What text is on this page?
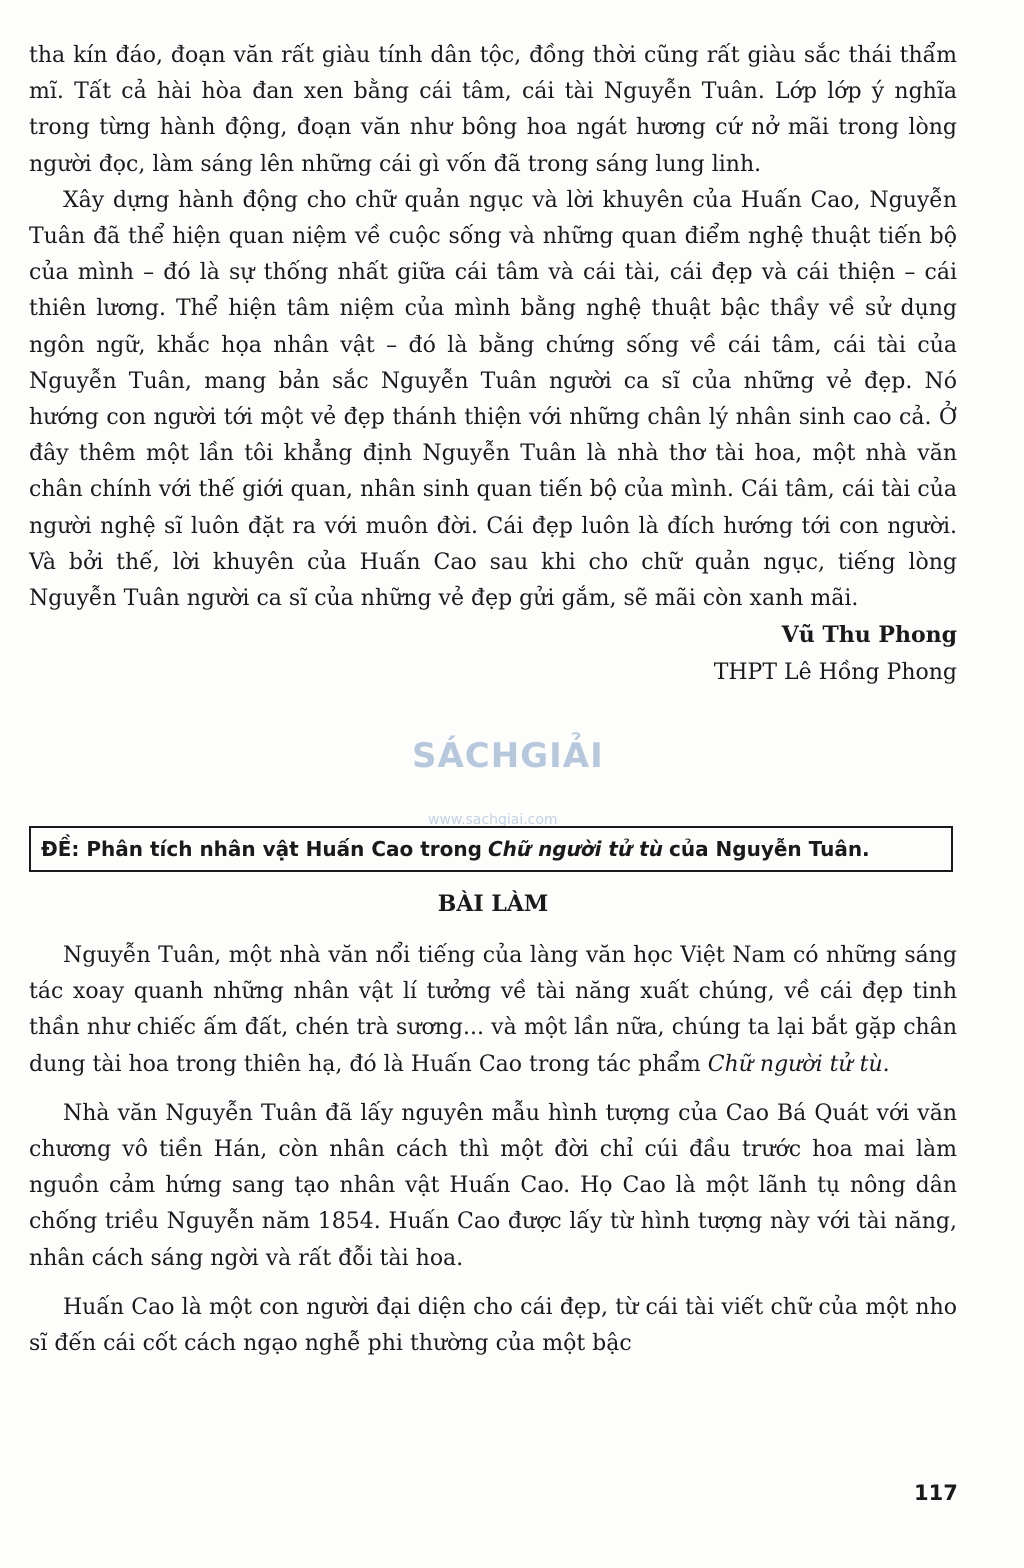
tha kín đáo, đoạn văn rất giàu tính dân tộc, đồng thời cũng rất giàu sắc thái thẩm mĩ. Tất cả hài hòa đan xen bằng cái tâm, cái tài Nguyễn Tuân. Lớp lớp ý nghĩa trong từng hành động, đoạn văn như bông hoa ngát hương cứ nở mãi trong lòng người đọc, làm sáng lên những cái gì vốn đã trong sáng lung linh.

Xây dựng hành động cho chữ quản ngục và lời khuyên của Huấn Cao, Nguyễn Tuân đã thể hiện quan niệm về cuộc sống và những quan điểm nghệ thuật tiến bộ của mình – đó là sự thống nhất giữa cái tâm và cái tài, cái đẹp và cái thiện – cái thiên lương. Thể hiện tâm niệm của mình bằng nghệ thuật bậc thầy về sử dụng ngôn ngữ, khắc họa nhân vật – đó là bằng chứng sống về cái tâm, cái tài của Nguyễn Tuân, mang bản sắc Nguyễn Tuân người ca sĩ của những vẻ đẹp. Nó hướng con người tới một vẻ đẹp thánh thiện với những chân lý nhân sinh cao cả. Ở đây thêm một lần tôi khẳng định Nguyễn Tuân là nhà thơ tài hoa, một nhà văn chân chính với thế giới quan, nhân sinh quan tiến bộ của mình. Cái tâm, cái tài của người nghệ sĩ luôn đặt ra với muôn đời. Cái đẹp luôn là đích hướng tới con người. Và bởi thế, lời khuyên của Huấn Cao sau khi cho chữ quản ngục, tiếng lòng Nguyễn Tuân người ca sĩ của những vẻ đẹp gửi gắm, sẽ mãi còn xanh mãi.

Vũ Thu Phong
THPT Lê Hồng Phong
SÁCHGIẢI
www.sachgiai.com
ĐỀ: Phân tích nhân vật Huấn Cao trong Chữ người tử tù của Nguyễn Tuân.
BÀI LÀM

Nguyễn Tuân, một nhà văn nổi tiếng của làng văn học Việt Nam có những sáng tác xoay quanh những nhân vật lí tưởng về tài năng xuất chúng, về cái đẹp tinh thần như chiếc ấm đất, chén trà sương... và một lần nữa, chúng ta lại bắt gặp chân dung tài hoa trong thiên hạ, đó là Huấn Cao trong tác phẩm Chữ người tử tù.

Nhà văn Nguyễn Tuân đã lấy nguyên mẫu hình tượng của Cao Bá Quát với văn chương vô tiền Hán, còn nhân cách thì một đời chỉ cúi đầu trước hoa mai làm nguồn cảm hứng sang tạo nhân vật Huấn Cao. Họ Cao là một lãnh tụ nông dân chống triều Nguyễn năm 1854. Huấn Cao được lấy từ hình tượng này với tài năng, nhân cách sáng ngời và rất đỗi tài hoa.

Huấn Cao là một con người đại diện cho cái đẹp, từ cái tài viết chữ của một nho sĩ đến cái cốt cách ngạo nghễ phi thường của một bậc

117
